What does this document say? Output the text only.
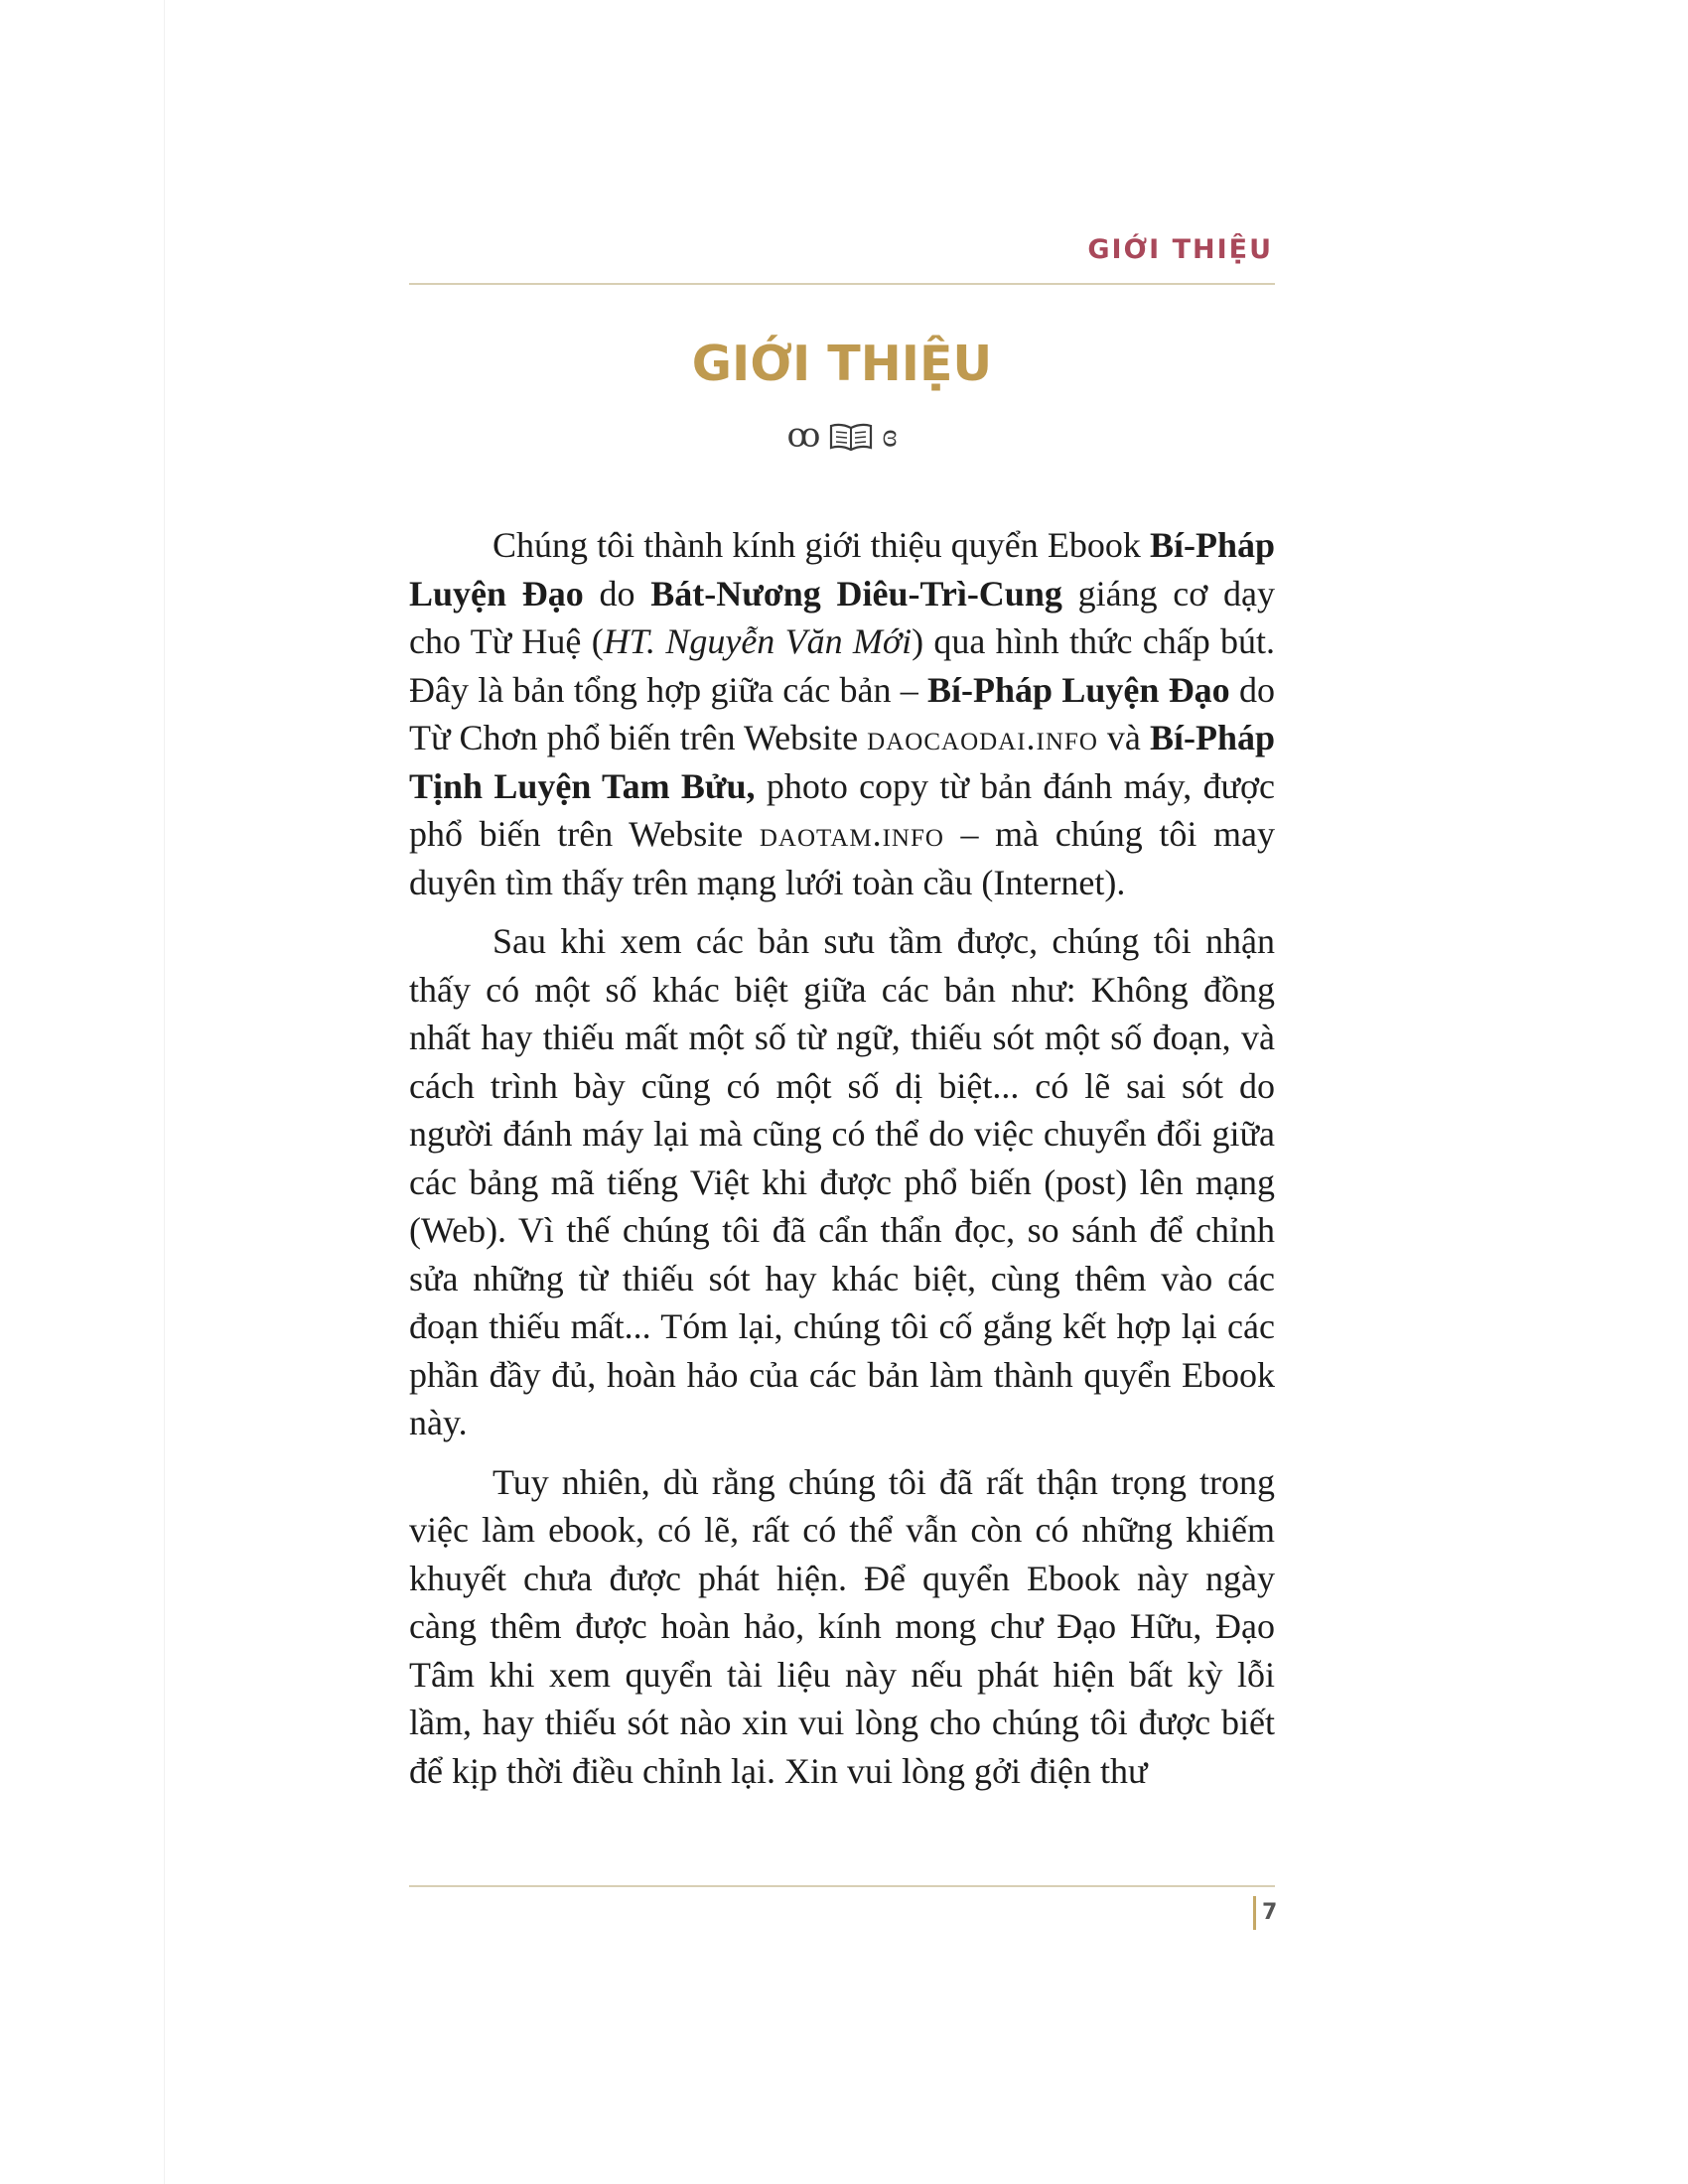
GIỚI THIỆU
GIỚI THIỆU
ꝏ ɞ

Chúng tôi thành kính giới thiệu quyển Ebook Bí-Pháp Luyện Đạo do Bát-Nương Diêu-Trì-Cung giáng cơ dạy cho Từ Huệ (HT. Nguyễn Văn Mới) qua hình thức chấp bút. Đây là bản tổng hợp giữa các bản – Bí-Pháp Luyện Đạo do Từ Chơn phổ biến trên Website daocaodai.info và Bí-Pháp Tịnh Luyện Tam Bửu, photo copy từ bản đánh máy, được phổ biến trên Website daotam.info – mà chúng tôi may duyên tìm thấy trên mạng lưới toàn cầu (Internet).

Sau khi xem các bản sưu tầm được, chúng tôi nhận thấy có một số khác biệt giữa các bản như: Không đồng nhất hay thiếu mất một số từ ngữ, thiếu sót một số đoạn, và cách trình bày cũng có một số dị biệt... có lẽ sai sót do người đánh máy lại mà cũng có thể do việc chuyển đổi giữa các bảng mã tiếng Việt khi được phổ biến (post) lên mạng (Web). Vì thế chúng tôi đã cẩn thẩn đọc, so sánh để chỉnh sửa những từ thiếu sót hay khác biệt, cùng thêm vào các đoạn thiếu mất... Tóm lại, chúng tôi cố gắng kết hợp lại các phần đầy đủ, hoàn hảo của các bản làm thành quyển Ebook này.

Tuy nhiên, dù rằng chúng tôi đã rất thận trọng trong việc làm ebook, có lẽ, rất có thể vẫn còn có những khiếm khuyết chưa được phát hiện. Để quyển Ebook này ngày càng thêm được hoàn hảo, kính mong chư Đạo Hữu, Đạo Tâm khi xem quyển tài liệu này nếu phát hiện bất kỳ lỗi lầm, hay thiếu sót nào xin vui lòng cho chúng tôi được biết để kịp thời điều chỉnh lại. Xin vui lòng gởi điện thư

7
